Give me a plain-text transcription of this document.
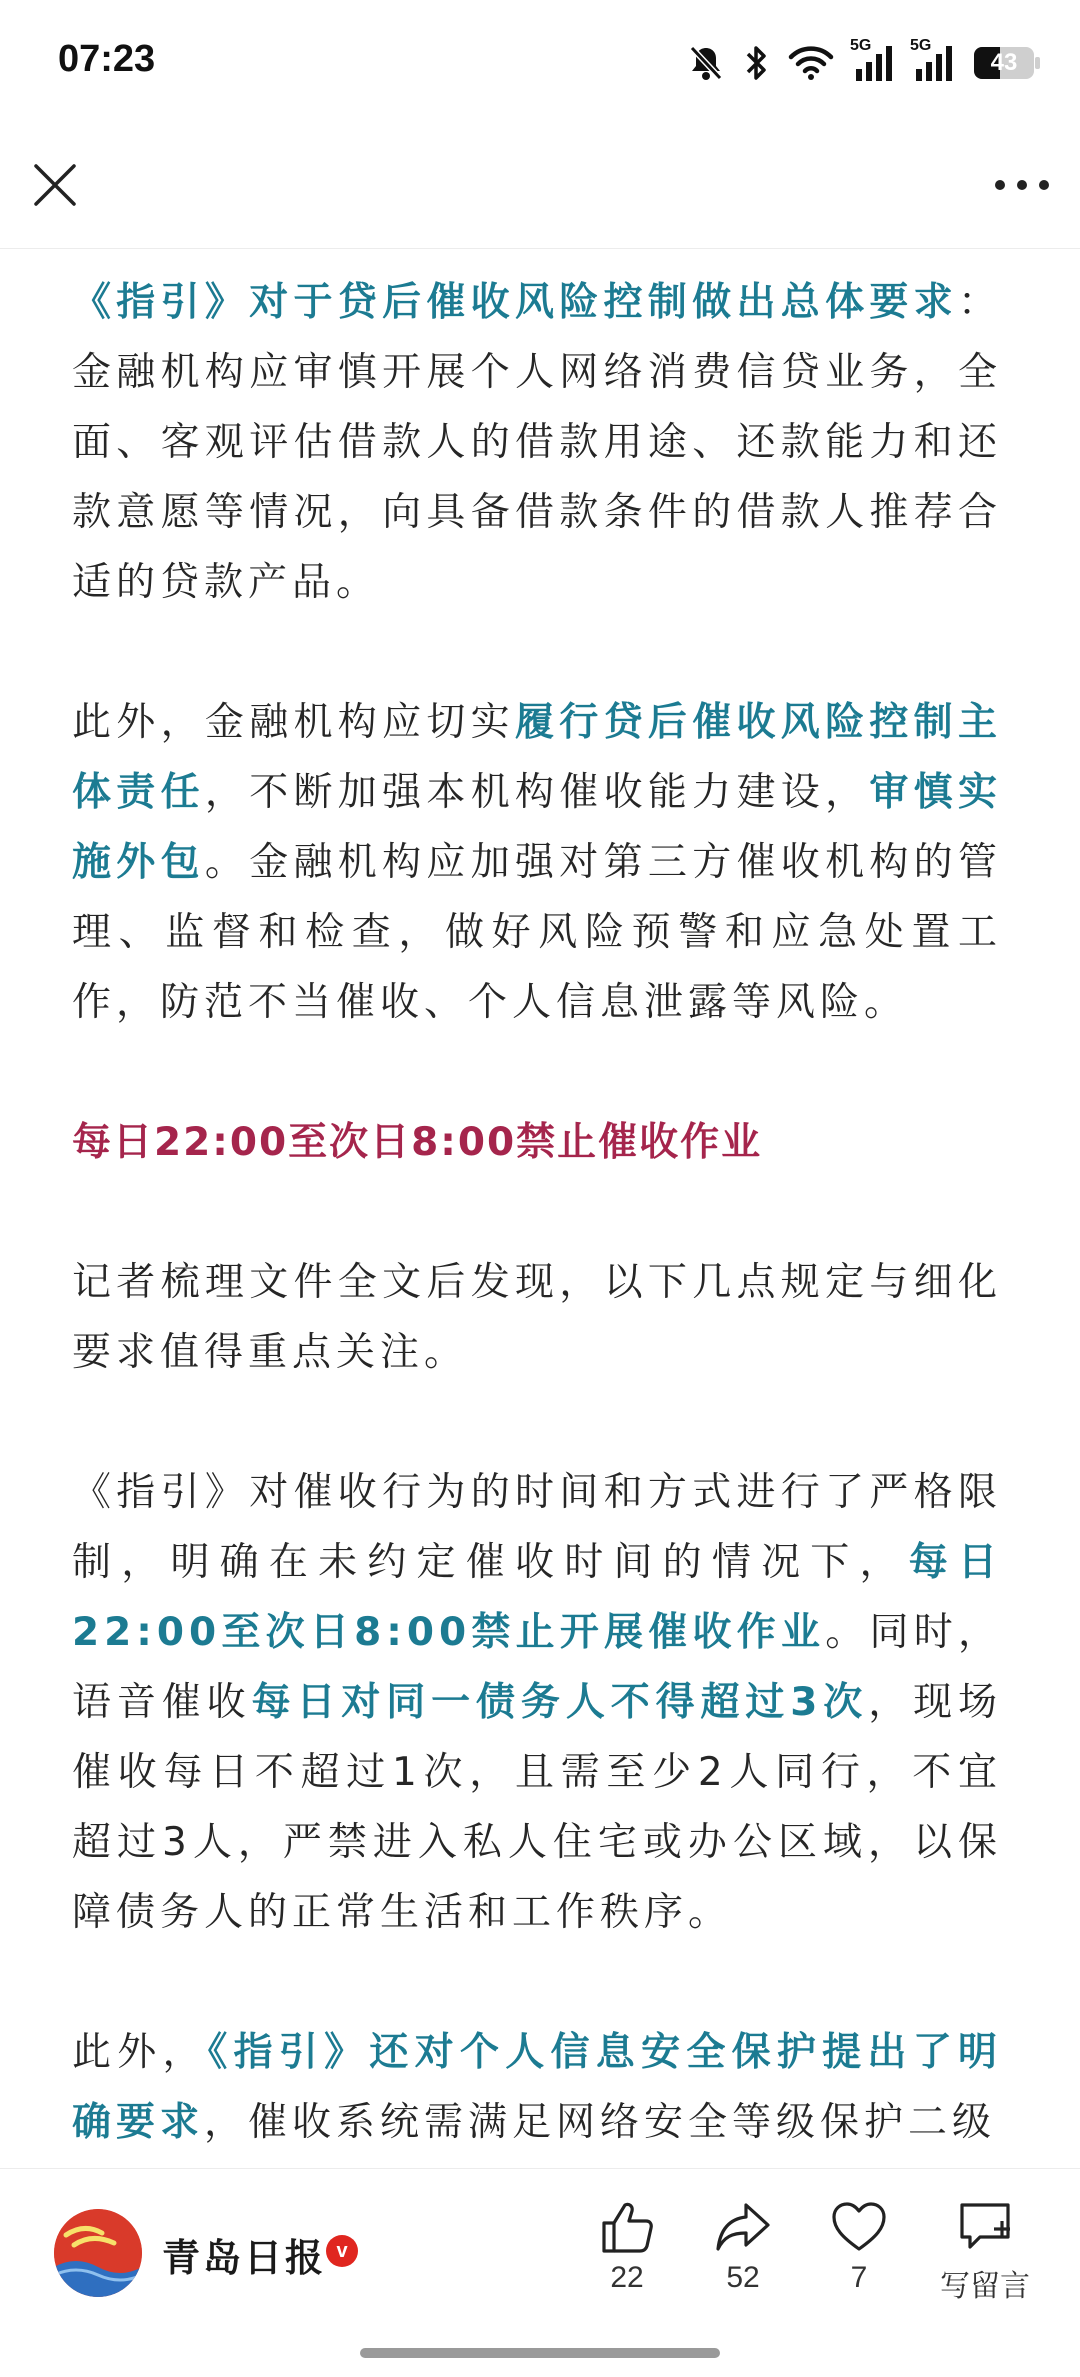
07:23	5G 5G
43

《指引》对于贷后催收风险控制做出总体要求：金融机构应审慎开展个人网络消费信贷业务，全面、客观评估借款人的借款用途、还款能力和还款意愿等情况，向具备借款条件的借款人推荐合适的贷款产品。

此外，金融机构应切实履行贷后催收风险控制主体责任，不断加强本机构催收能力建设，审慎实施外包。金融机构应加强对第三方催收机构的管理、监督和检查，做好风险预警和应急处置工作，防范不当催收、个人信息泄露等风险。

每日22:00至次日8:00禁止催收作业

记者梳理文件全文后发现，以下几点规定与细化要求值得重点关注。

《指引》对催收行为的时间和方式进行了严格限制，明确在未约定催收时间的情况下，每日22:00至次日8:00禁止开展催收作业。同时，语音催收每日对同一债务人不得超过3次，现场催收每日不超过1次，且需至少2人同行，不宜超过3人，严禁进入私人住宅或办公区域，以保障债务人的正常生活和工作秩序。

此外，《指引》还对个人信息安全保护提出了明确要求，催收系统需满足网络安全等级保护二级

青岛日报 v
22	52	7	写留言
